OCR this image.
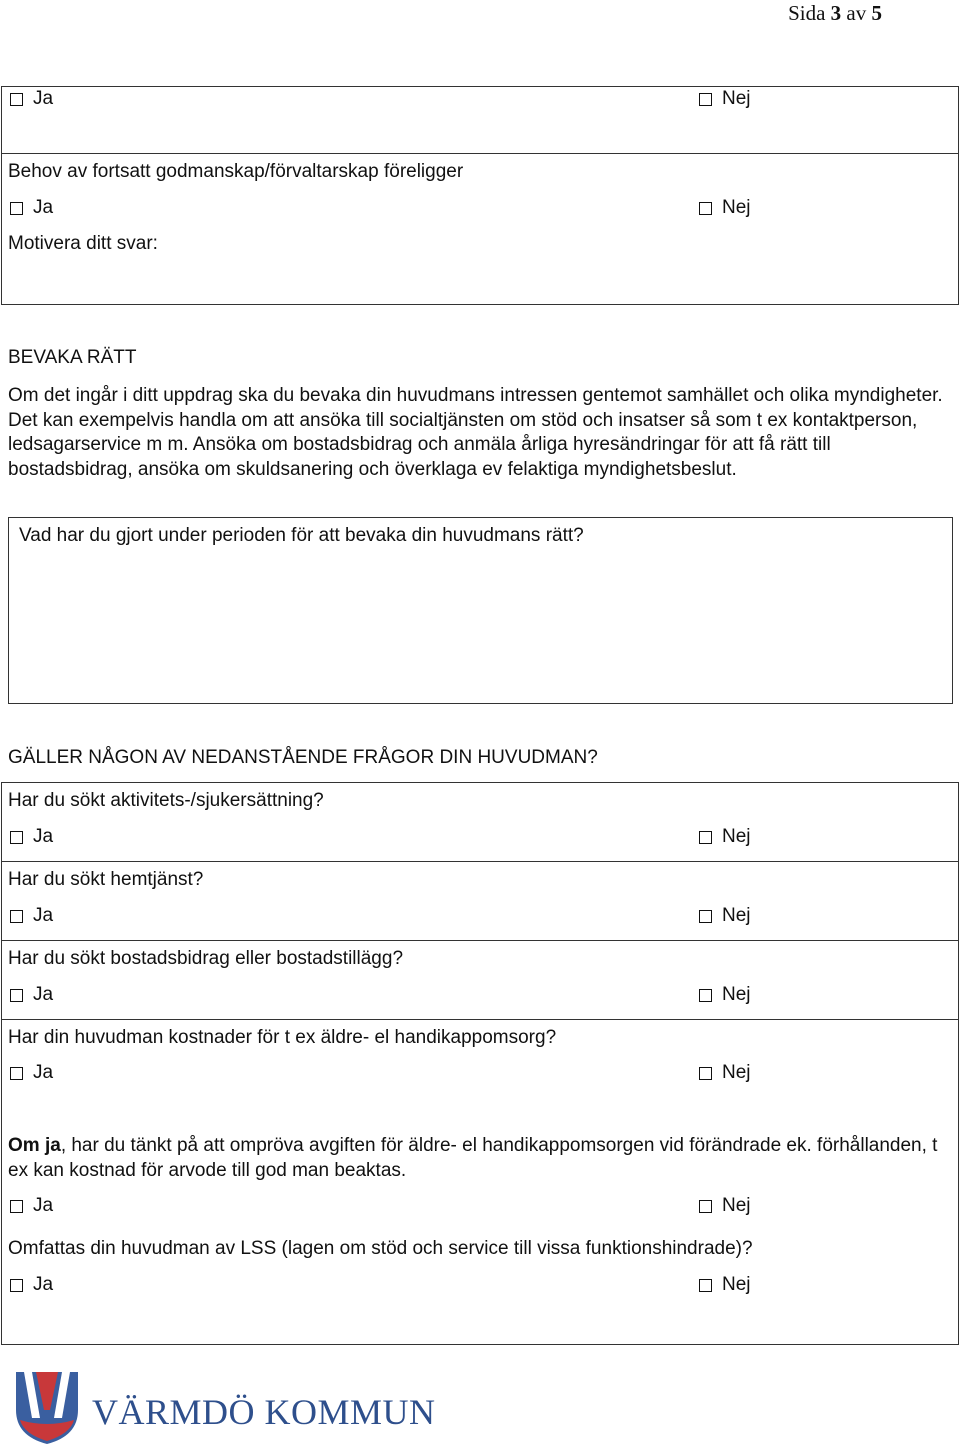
Sida 3 av 5
Ja	Nej
Behov av fortsatt godmanskap/förvaltarskap föreligger
Ja	Nej
Motivera ditt svar:
BEVAKA RÄTT
Om det ingår i ditt uppdrag ska du bevaka din huvudmans intressen gentemot samhället och olika myndigheter. Det kan exempelvis handla om att ansöka till socialtjänsten om stöd och insatser så som t ex kontaktperson, ledsagarservice m m. Ansöka om bostadsbidrag och anmäla årliga hyresändringar för att få rätt till bostadsbidrag, ansöka om skuldsanering och överklaga ev felaktiga myndighetsbeslut.
Vad har du gjort under perioden för att bevaka din huvudmans rätt?
GÄLLER NÅGON AV NEDANSTÅENDE FRÅGOR DIN HUVUDMAN?
Har du sökt aktivitets-/sjukersättning?
Ja	Nej
Har du sökt hemtjänst?
Ja	Nej
Har du sökt bostadsbidrag eller bostadstillägg?
Ja	Nej
Har din huvudman kostnader för t ex äldre- el handikappomsorg?
Ja	Nej
Om ja, har du tänkt på att ompröva avgiften för äldre- el handikappomsorgen vid förändrade ek. förhållanden, t ex kan kostnad för arvode till god man beaktas.
Ja	Nej
Omfattas din huvudman av LSS (lagen om stöd och service till vissa funktionshindrade)?
Ja	Nej
VÄRMDÖ KOMMUN
